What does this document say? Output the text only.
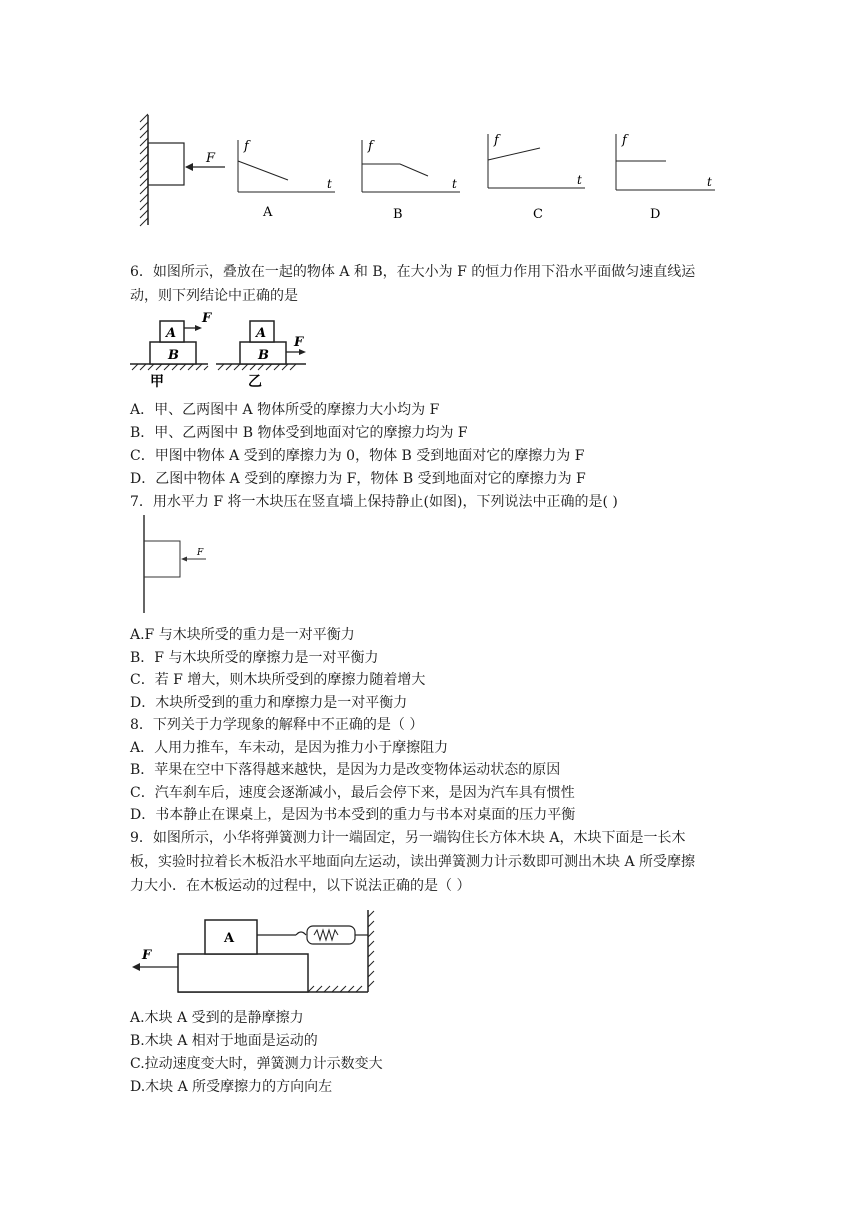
F
f
t
A
f
t
B
f
t
C
f
t
D
6．如图所示，叠放在一起的物体 A 和 B，在大小为 F 的恒力作用下沿水平面做匀速直线运
动，则下列结论中正确的是
A
B
F
甲
A
B
F
乙
A．甲、乙两图中 A 物体所受的摩擦力大小均为 F
B．甲、乙两图中 B 物体受到地面对它的摩擦力均为 F
C．甲图中物体 A 受到的摩擦力为 0，物体 B 受到地面对它的摩擦力为 F
D．乙图中物体 A 受到的摩擦力为 F，物体 B 受到地面对它的摩擦力为 F
7．用水平力 F 将一木块压在竖直墙上保持静止(如图)，下列说法中正确的是( )
F
A.F 与木块所受的重力是一对平衡力
B．F 与木块所受的摩擦力是一对平衡力
C．若 F 增大，则木块所受到的摩擦力随着增大
D．木块所受到的重力和摩擦力是一对平衡力
8．下列关于力学现象的解释中不正确的是（ ）
A．人用力推车，车未动，是因为推力小于摩擦阻力
B．苹果在空中下落得越来越快，是因为力是改变物体运动状态的原因
C．汽车刹车后，速度会逐渐减小，最后会停下来，是因为汽车具有惯性
D．书本静止在课桌上，是因为书本受到的重力与书本对桌面的压力平衡
9．如图所示，小华将弹簧测力计一端固定，另一端钩住长方体木块 A，木块下面是一长木
板，实验时拉着长木板沿水平地面向左运动，读出弹簧测力计示数即可测出木块 A 所受摩擦
力大小．在木板运动的过程中，以下说法正确的是（ ）
A
F
A.木块 A 受到的是静摩擦力
B.木块 A 相对于地面是运动的
C.拉动速度变大时，弹簧测力计示数变大
D.木块 A 所受摩擦力的方向向左
